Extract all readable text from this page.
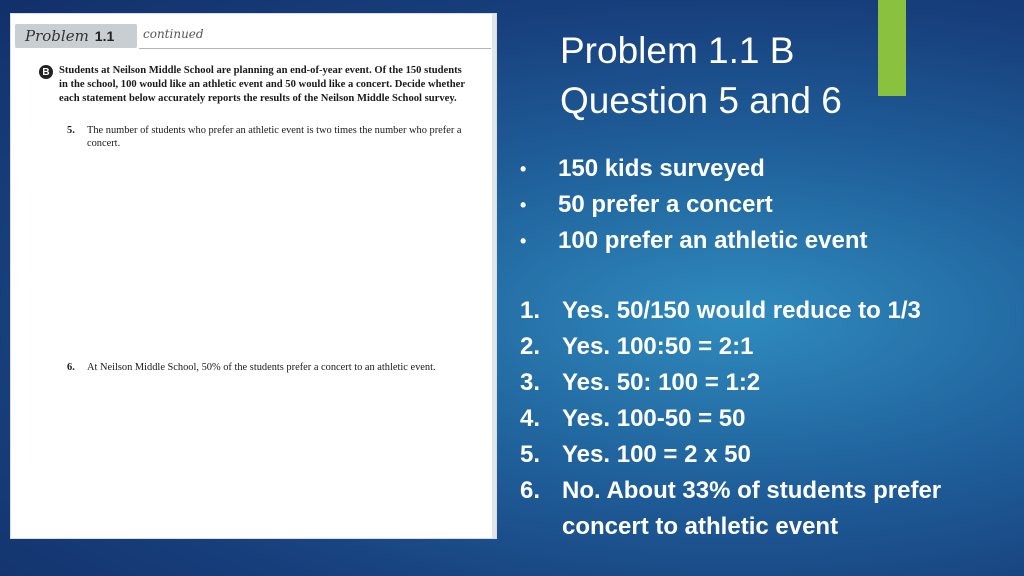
Problem 1.1 continued
B Students at Neilson Middle School are planning an end-of-year event. Of the 150 students in the school, 100 would like an athletic event and 50 would like a concert. Decide whether each statement below accurately reports the results of the Neilson Middle School survey.
5.	The number of students who prefer an athletic event is two times the number who prefer a concert.
6.	At Neilson Middle School, 50% of the students prefer a concert to an athletic event.
Problem 1.1 B
Question 5 and 6
• 150 kids surveyed
• 50 prefer a concert
• 100 prefer an athletic event
1. Yes. 50/150 would reduce to 1/3
2. Yes. 100:50 = 2:1
3. Yes. 50: 100 = 1:2
4. Yes. 100-50 = 50
5. Yes. 100 = 2 x 50
6. No. About 33% of students prefer concert to athletic event
